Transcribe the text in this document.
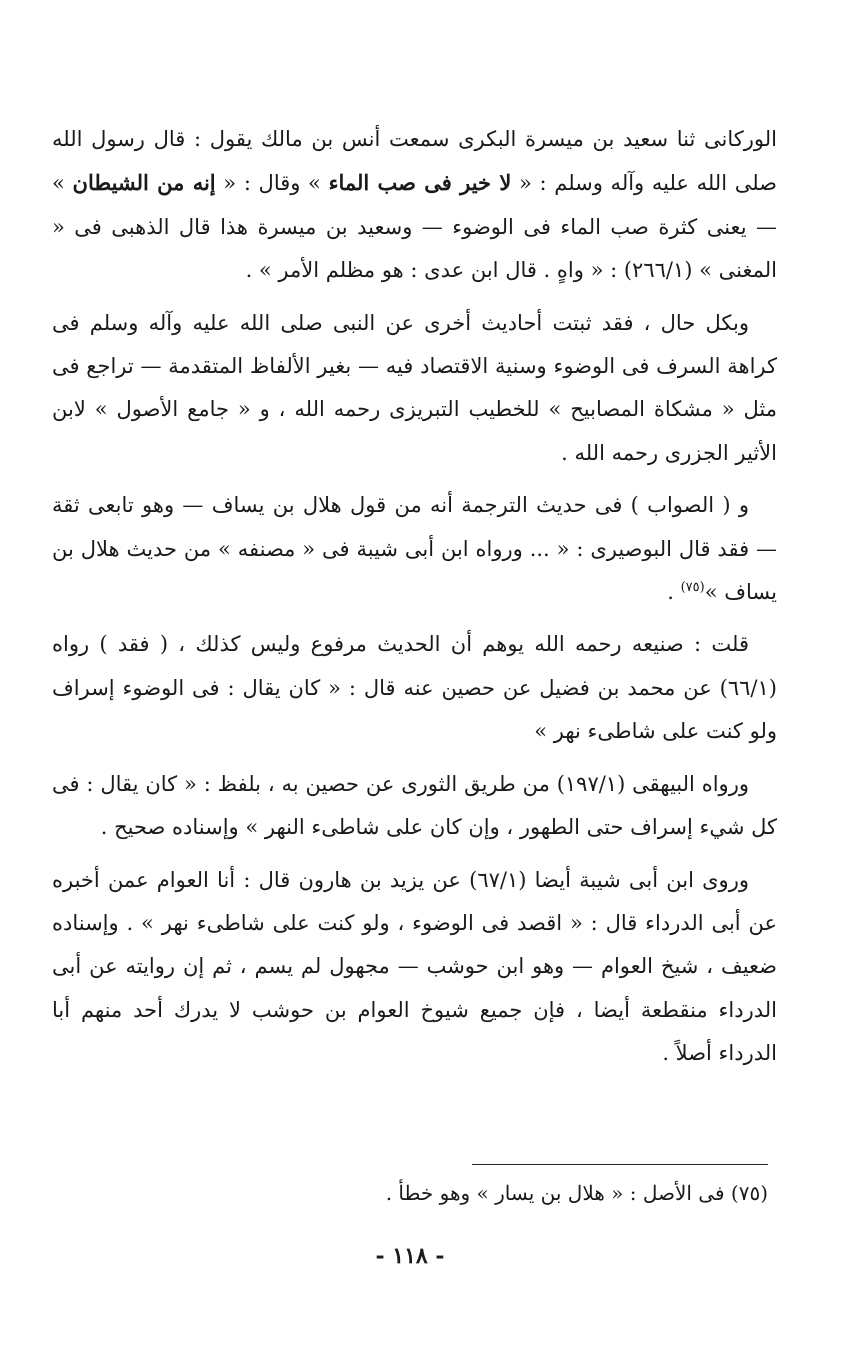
الوركانى ثنا سعيد بن ميسرة البكرى سمعت أنس بن مالك يقول : قال رسول الله صلى الله عليه وآله وسلم : « لا خير فى صب الماء » وقال : « إنه من الشيطان » — يعنى كثرة صب الماء فى الوضوء — وسعيد بن ميسرة هذا قال الذهبى فى « المغنى » (٢٦٦/١) : « واهٍ . قال ابن عدى : هو مظلم الأمر » .

وبكل حال ، فقد ثبتت أحاديث أخرى عن النبى صلى الله عليه وآله وسلم فى كراهة السرف فى الوضوء وسنية الاقتصاد فيه — بغير الألفاظ المتقدمة — تراجع فى مثل « مشكاة المصابيح » للخطيب التبريزى رحمه الله ، و « جامع الأصول » لابن الأثير الجزرى رحمه الله .

و ( الصواب ) فى حديث الترجمة أنه من قول هلال بن يساف — وهو تابعى ثقة — فقد قال البوصيرى : « ... ورواه ابن أبى شيبة فى « مصنفه » من حديث هلال بن يساف »$^{(٧٥)}$ .

قلت : صنيعه رحمه الله يوهم أن الحديث مرفوع وليس كذلك ، ( فقد ) رواه (٦٦/١) عن محمد بن فضيل عن حصين عنه قال : « كان يقال : فى الوضوء إسراف ولو كنت على شاطىء نهر »

ورواه البيهقى (١٩٧/١) من طريق الثورى عن حصين به ، بلفظ : « كان يقال : فى كل شيء إسراف حتى الطهور ، وإن كان على شاطىء النهر » وإسناده صحيح .

وروى ابن أبى شيبة أيضا (٦٧/١) عن يزيد بن هارون قال : أنا العوام عمن أخبره عن أبى الدرداء قال : « اقصد فى الوضوء ، ولو كنت على شاطىء نهر » . وإسناده ضعيف ، شيخ العوام — وهو ابن حوشب — مجهول لم يسم ، ثم إن روايته عن أبى الدرداء منقطعة أيضا ، فإن جميع شيوخ العوام بن حوشب لا يدرك أحد منهم أبا الدرداء أصلاً .

(٧٥) فى الأصل : « هلال بن يسار » وهو خطأ .
- ١١٨ -
